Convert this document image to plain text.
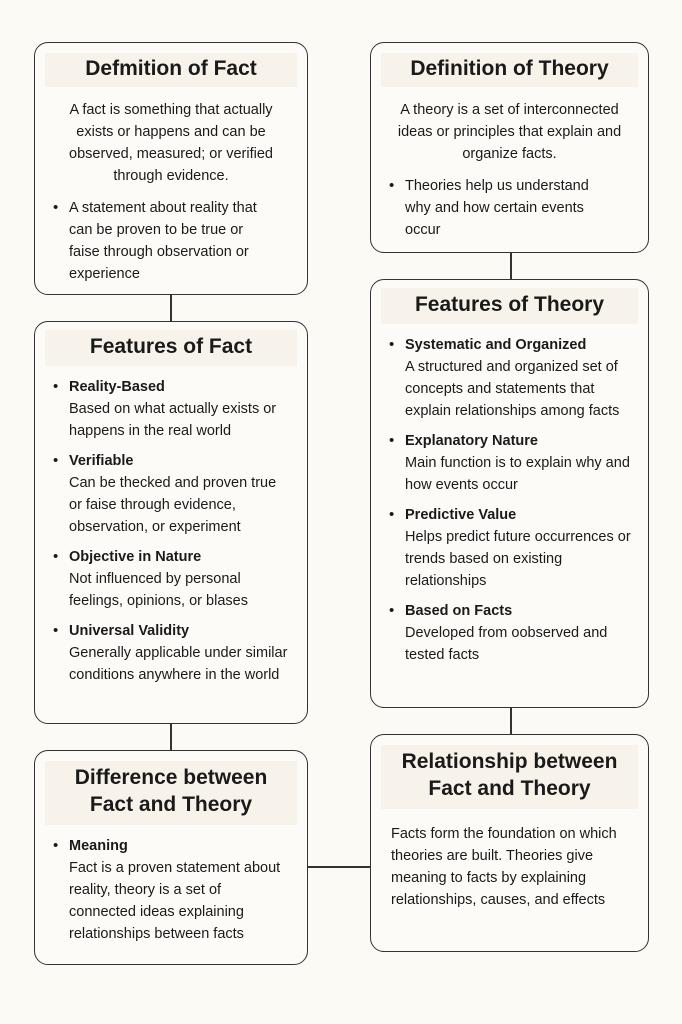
Defmition of Fact
A fact is something that actually exists or happens and can be observed, measured; or verified through evidence.
• A statement about reality that can be proven to be true or faise through observation or experience
Definition of Theory
A theory is a set of interconnected ideas or principles that explain and organize facts.
• Theories help us understand why and how certain events occur
Features of Fact
• Reality-Based
Based on what actually exists or happens in the real world
• Verifiable
Can be thecked and proven true or faise through evidence, observation, or experiment
• Objective in Nature
Not influenced by personal feelings, opinions, or blases
• Universal Validity
Generally applicable under similar conditions anywhere in the world
Features of Theory
• Systematic and Organized
A structured and organized set of concepts and statements that explain relationships among facts
• Explanatory Nature
Main function is to explain why and how events occur
• Predictive Value
Helps predict future occurrences or trends based on existing relationships
• Based on Facts
Developed from oobserved and tested facts
Difference between Fact and Theory
• Meaning
Fact is a proven statement about reality, theory is a set of connected ideas explaining relationships between facts
Relationship between Fact and Theory
Facts form the foundation on which theories are built. Theories give meaning to facts by explaining relationships, causes, and effects
